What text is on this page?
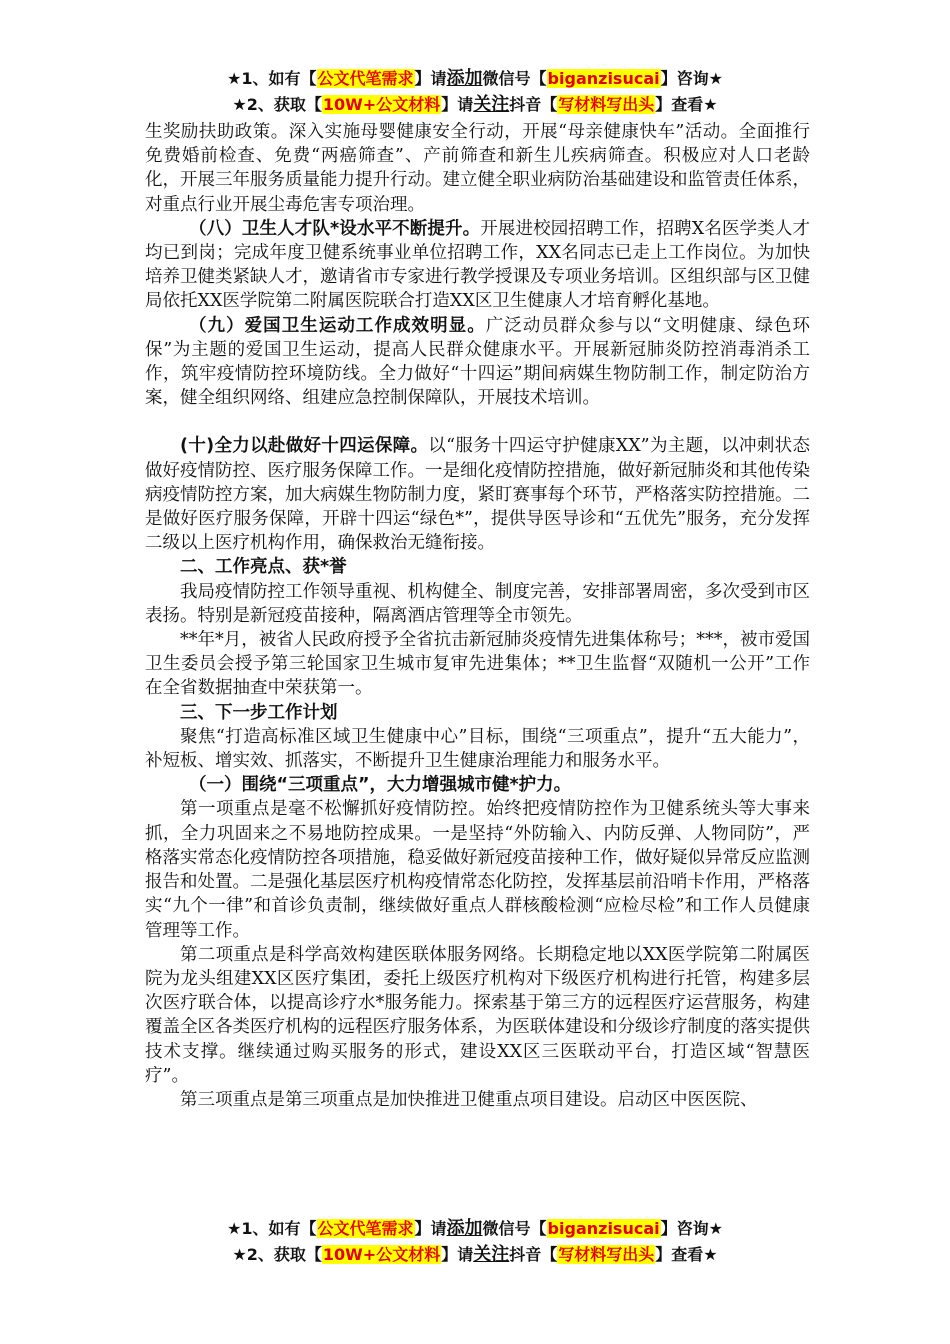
★1、如有【公文代笔需求】请添加微信号【biganzisucai】咨询★
★2、获取【10W+公文材料】请关注抖音【写材料写出头】查看★

生奖励扶助政策。深入实施母婴健康安全行动，开展“母亲健康快车”活动。全面推行免费婚前检查、免费“两癌筛查”、产前筛查和新生儿疾病筛查。积极应对人口老龄化，开展三年服务质量能力提升行动。建立健全职业病防治基础建设和监管责任体系，对重点行业开展尘毒危害专项治理。

（八）卫生人才队*设水平不断提升。开展进校园招聘工作，招聘X名医学类人才均已到岗；完成年度卫健系统事业单位招聘工作，XX名同志已走上工作岗位。为加快培养卫健类紧缺人才，邀请省市专家进行教学授课及专项业务培训。区组织部与区卫健局依托XX医学院第二附属医院联合打造XX区卫生健康人才培育孵化基地。

（九）爱国卫生运动工作成效明显。广泛动员群众参与以“文明健康、绿色环保”为主题的爱国卫生运动，提高人民群众健康水平。开展新冠肺炎防控消毒消杀工作，筑牢疫情防控环境防线。全力做好“十四运”期间病媒生物防制工作，制定防治方案，健全组织网络、组建应急控制保障队，开展技术培训。

(十)全力以赴做好十四运保障。以“服务十四运守护健康XX”为主题，以冲刺状态做好疫情防控、医疗服务保障工作。一是细化疫情防控措施，做好新冠肺炎和其他传染病疫情防控方案，加大病媒生物防制力度，紧盯赛事每个环节，严格落实防控措施。二是做好医疗服务保障，开辟十四运“绿色*”，提供导医导诊和“五优先”服务，充分发挥二级以上医疗机构作用，确保救治无缝衔接。

二、工作亮点、获*誉

我局疫情防控工作领导重视、机构健全、制度完善，安排部署周密，多次受到市区表扬。特别是新冠疫苗接种，隔离酒店管理等全市领先。

**年*月，被省人民政府授予全省抗击新冠肺炎疫情先进集体称号；***，被市爱国卫生委员会授予第三轮国家卫生城市复审先进集体；**卫生监督“双随机一公开”工作在全省数据抽查中荣获第一。

三、下一步工作计划

聚焦“打造高标准区域卫生健康中心”目标，围绕“三项重点”，提升“五大能力”，补短板、增实效、抓落实，不断提升卫生健康治理能力和服务水平。

（一）围绕“三项重点”，大力增强城市健*护力。

第一项重点是毫不松懈抓好疫情防控。始终把疫情防控作为卫健系统头等大事来抓，全力巩固来之不易地防控成果。一是坚持“外防输入、内防反弹、人物同防”，严格落实常态化疫情防控各项措施，稳妥做好新冠疫苗接种工作，做好疑似异常反应监测报告和处置。二是强化基层医疗机构疫情常态化防控，发挥基层前沿哨卡作用，严格落实“九个一律”和首诊负责制，继续做好重点人群核酸检测“应检尽检”和工作人员健康管理等工作。

第二项重点是科学高效构建医联体服务网络。长期稳定地以XX医学院第二附属医院为龙头组建XX区医疗集团，委托上级医疗机构对下级医疗机构进行托管，构建多层次医疗联合体，以提高诊疗水*服务能力。探索基于第三方的远程医疗运营服务，构建覆盖全区各类医疗机构的远程医疗服务体系，为医联体建设和分级诊疗制度的落实提供技术支撑。继续通过购买服务的形式，建设XX区三医联动平台，打造区域“智慧医疗”。

第三项重点是第三项重点是加快推进卫健重点项目建设。启动区中医医院、

★1、如有【公文代笔需求】请添加微信号【biganzisucai】咨询★
★2、获取【10W+公文材料】请关注抖音【写材料写出头】查看★
